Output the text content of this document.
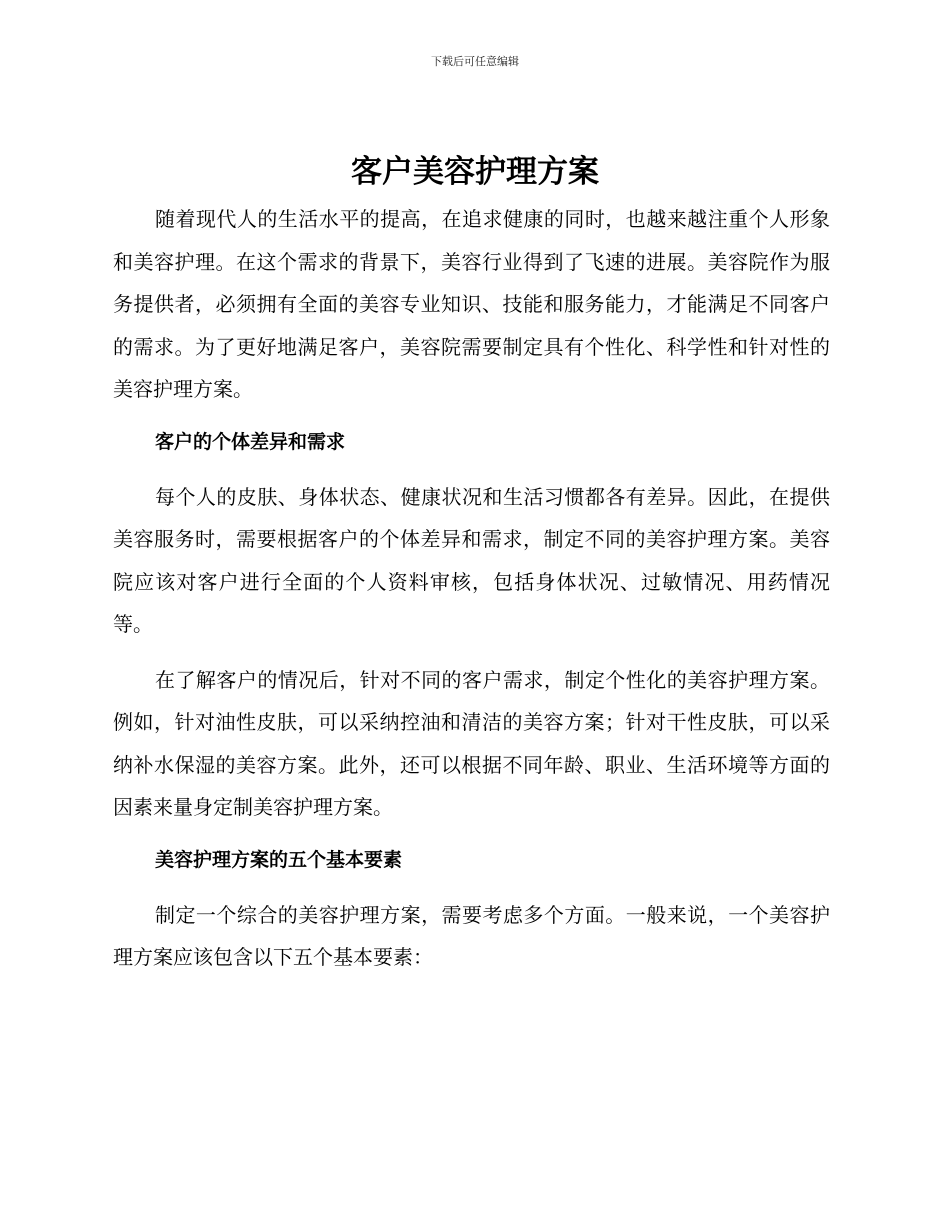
下载后可任意编辑
客户美容护理方案

随着现代人的生活水平的提高，在追求健康的同时，也越来越注重个人形象和美容护理。在这个需求的背景下，美容行业得到了飞速的进展。美容院作为服务提供者，必须拥有全面的美容专业知识、技能和服务能力，才能满足不同客户的需求。为了更好地满足客户，美容院需要制定具有个性化、科学性和针对性的美容护理方案。

客户的个体差异和需求

每个人的皮肤、身体状态、健康状况和生活习惯都各有差异。因此，在提供美容服务时，需要根据客户的个体差异和需求，制定不同的美容护理方案。美容院应该对客户进行全面的个人资料审核，包括身体状况、过敏情况、用药情况等。

在了解客户的情况后，针对不同的客户需求，制定个性化的美容护理方案。例如，针对油性皮肤，可以采纳控油和清洁的美容方案；针对干性皮肤，可以采纳补水保湿的美容方案。此外，还可以根据不同年龄、职业、生活环境等方面的因素来量身定制美容护理方案。

美容护理方案的五个基本要素

制定一个综合的美容护理方案，需要考虑多个方面。一般来说，一个美容护理方案应该包含以下五个基本要素：
